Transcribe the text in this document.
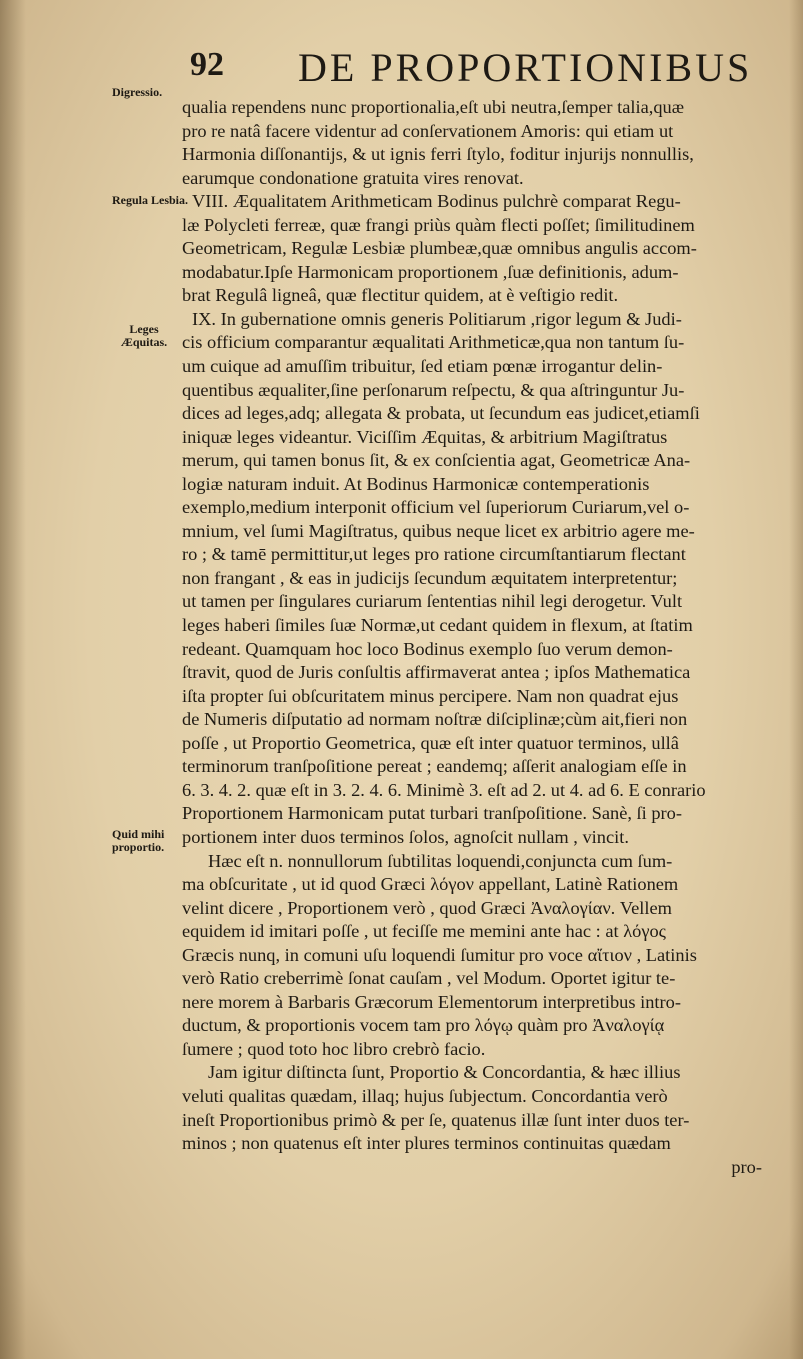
92 DE PROPORTIONIBUS
Digressio.
Regula Lesbia.
Leges
Æquitas.
Quid mihi
proportio.
qualia rependens nunc proportionalia,eſt ubi neutra,ſemper talia,quæ
pro re natâ facere videntur ad conſervationem Amoris: qui etiam ut
Harmonia diſſonantijs, & ut ignis ferri ſtylo, foditur injurijs nonnullis,
earumque condonatione gratuita vires renovat.
VIII. Æqualitatem Arithmeticam Bodinus pulchrè comparat Regu-
læ Polycleti ferreæ, quæ frangi priùs quàm flecti poſſet; ſimilitudinem
Geometricam, Regulæ Lesbiæ plumbeæ,quæ omnibus angulis accom-
modabatur.Ipſe Harmonicam proportionem ,ſuæ definitionis, adum-
brat Regulâ ligneâ, quæ flectitur quidem, at è veſtigio redit.
IX. In gubernatione omnis generis Politiarum ,rigor legum & Judi-
cis officium comparantur æqualitati Arithmeticæ,qua non tantum ſu-
um cuique ad amuſſim tribuitur, ſed etiam pœnæ irrogantur delin-
quentibus æqualiter,ſine perſonarum reſpectu, & qua aſtringuntur Ju-
dices ad leges,adq; allegata & probata, ut ſecundum eas judicet,etiamſi
iniquæ leges videantur. Viciſſim Æquitas, & arbitrium Magiſtratus
merum, qui tamen bonus ſit, & ex conſcientia agat, Geometricæ Ana-
logiæ naturam induit. At Bodinus Harmonicæ contemperationis
exemplo,medium interponit officium vel ſuperiorum Curiarum,vel o-
mnium, vel ſumi Magiſtratus, quibus neque licet ex arbitrio agere me-
ro ; & tamē permittitur,ut leges pro ratione circumſtantiarum flectant
non frangant , & eas in judicijs ſecundum æquitatem interpretentur;
ut tamen per ſingulares curiarum ſententias nihil legi derogetur. Vult
leges haberi ſimiles ſuæ Normæ,ut cedant quidem in flexum, at ſtatim
redeant. Quamquam hoc loco Bodinus exemplo ſuo verum demon-
ſtravit, quod de Juris conſultis affirmaverat antea ; ipſos Mathematica
iſta propter ſui obſcuritatem minus percipere. Nam non quadrat ejus
de Numeris diſputatio ad normam noſtræ diſciplinæ;cùm ait,fieri non
poſſe , ut Proportio Geometrica, quæ eſt inter quatuor terminos, ullâ
terminorum tranſpoſitione pereat ; eandemq; aſſerit analogiam eſſe in
6. 3. 4. 2. quæ eſt in 3. 2. 4. 6. Minimè 3. eſt ad 2. ut 4. ad 6. E conrario
Proportionem Harmonicam putat turbari tranſpoſitione. Sanè, ſi pro-
portionem inter duos terminos ſolos, agnoſcit nullam , vincit.
Hæc eſt n. nonnullorum ſubtilitas loquendi,conjuncta cum ſum-
ma obſcuritate , ut id quod Græci λόγον appellant, Latinè Rationem
velint dicere , Proportionem verò , quod Græci Ἀναλογίαν. Vellem
equidem id imitari poſſe , ut feciſſe me memini ante hac : at λόγος
Græcis nunq, in comuni uſu loquendi ſumitur pro voce αἴτιον , Latinis
verò Ratio creberrimè ſonat cauſam , vel Modum. Oportet igitur te-
nere morem à Barbaris Græcorum Elementorum interpretibus intro-
ductum, & proportionis vocem tam pro λόγῳ quàm pro Ἀναλογίᾳ
ſumere ; quod toto hoc libro crebrò facio.
Jam igitur diſtincta ſunt, Proportio & Concordantia, & hæc illius
veluti qualitas quædam, illaq; hujus ſubjectum. Concordantia verò
ineſt Proportionibus primò & per ſe, quatenus illæ ſunt inter duos ter-
minos ; non quatenus eſt inter plures terminos continuitas quædam
pro-
